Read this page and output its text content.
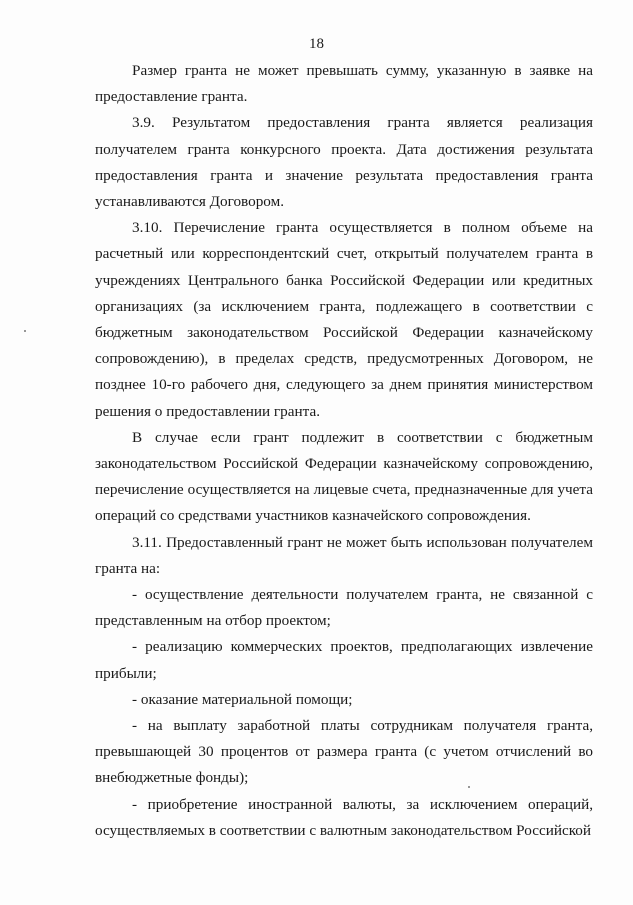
18

Размер гранта не может превышать сумму, указанную в заявке на предоставление гранта.

3.9. Результатом предоставления гранта является реализация получателем гранта конкурсного проекта. Дата достижения результата предоставления гранта и значение результата предоставления гранта устанавливаются Договором.

3.10. Перечисление гранта осуществляется в полном объеме на расчетный или корреспондентский счет, открытый получателем гранта в учреждениях Центрального банка Российской Федерации или кредитных организациях (за исключением гранта, подлежащего в соответствии с бюджетным законодательством Российской Федерации казначейскому сопровождению), в пределах средств, предусмотренных Договором, не позднее 10-го рабочего дня, следующего за днем принятия министерством решения о предоставлении гранта.

В случае если грант подлежит в соответствии с бюджетным законодательством Российской Федерации казначейскому сопровождению, перечисление осуществляется на лицевые счета, предназначенные для учета операций со средствами участников казначейского сопровождения.

3.11. Предоставленный грант не может быть использован получателем гранта на:

- осуществление деятельности получателем гранта, не связанной с представленным на отбор проектом;

- реализацию коммерческих проектов, предполагающих извлечение прибыли;

- оказание материальной помощи;

- на выплату заработной платы сотрудникам получателя гранта, превышающей 30 процентов от размера гранта (с учетом отчислений во внебюджетные фонды);

- приобретение иностранной валюты, за исключением операций, осуществляемых в соответствии с валютным законодательством Российской
